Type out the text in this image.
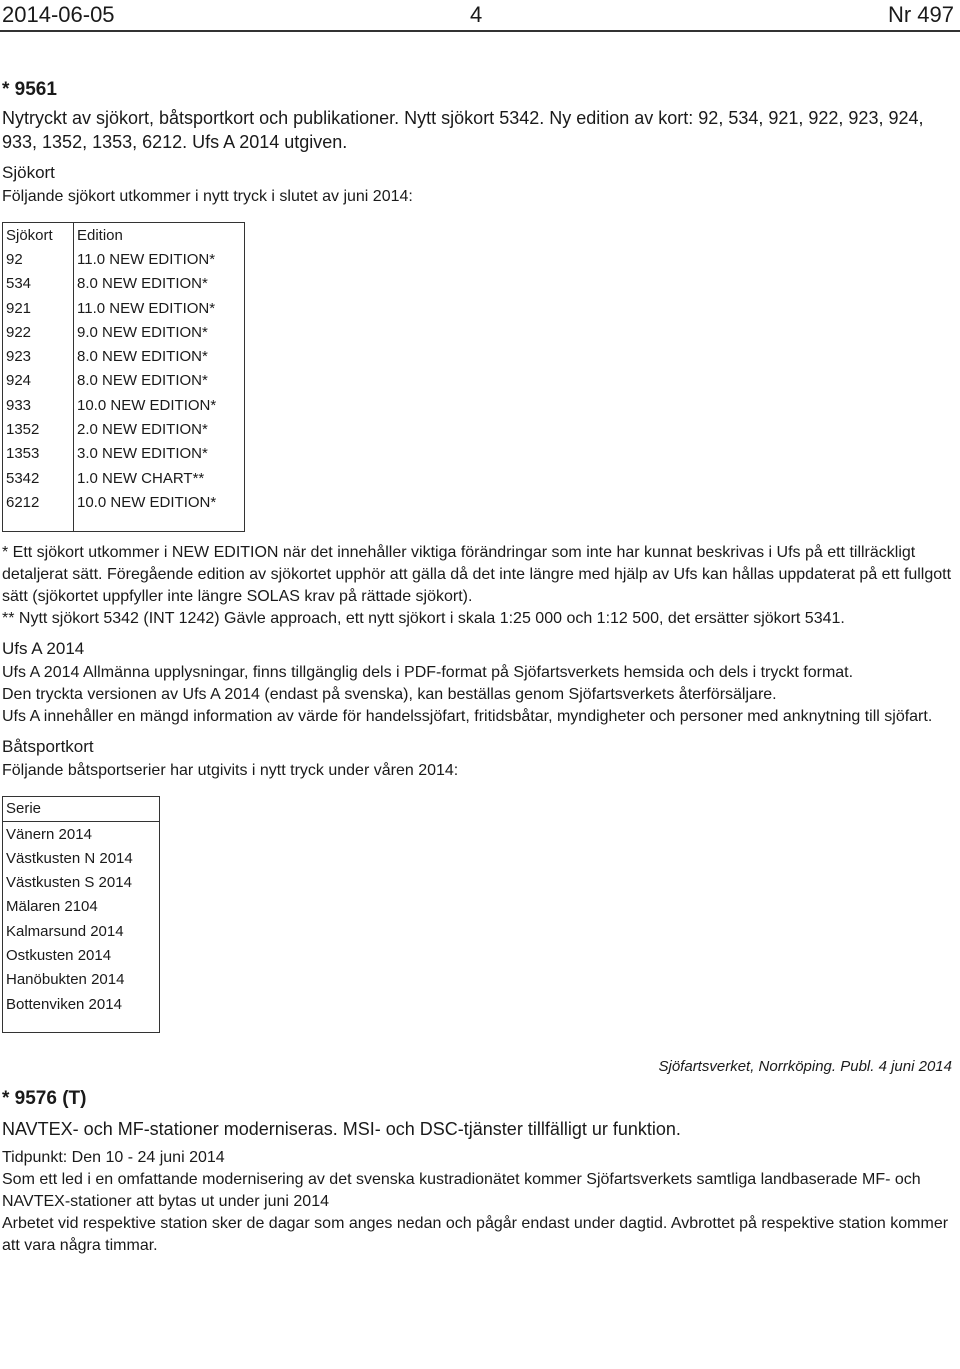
2014-06-05	4	Nr 497

* 9561

Nytryckt av sjökort, båtsportkort och publikationer. Nytt sjökort 5342. Ny edition av kort: 92, 534, 921, 922, 923, 924, 933, 1352, 1353, 6212. Ufs A 2014 utgiven.

Sjökort

Följande sjökort utkommer i nytt tryck i slutet av juni 2014:

Sjökort	Edition
92	11.0 NEW EDITION*
534	8.0 NEW EDITION*
921	11.0 NEW EDITION*
922	9.0 NEW EDITION*
923	8.0 NEW EDITION*
924	8.0 NEW EDITION*
933	10.0 NEW EDITION*
1352	2.0 NEW EDITION*
1353	3.0 NEW EDITION*
5342	1.0 NEW CHART**
6212	10.0 NEW EDITION*

* Ett sjökort utkommer i NEW EDITION när det innehåller viktiga förändringar som inte har kunnat beskrivas i Ufs på ett tillräckligt detaljerat sätt. Föregående edition av sjökortet upphör att gälla då det inte längre med hjälp av Ufs kan hållas uppdaterat på ett fullgott sätt (sjökortet uppfyller inte längre SOLAS krav på rättade sjökort).

** Nytt sjökort 5342 (INT 1242) Gävle approach, ett nytt sjökort i skala 1:25 000 och 1:12 500, det ersätter sjökort 5341.

Ufs A 2014

Ufs A 2014 Allmänna upplysningar, finns tillgänglig dels i PDF-format på Sjöfartsverkets hemsida och dels i tryckt format.

Den tryckta versionen av Ufs A 2014 (endast på svenska), kan beställas genom Sjöfartsverkets återförsäljare.

Ufs A innehåller en mängd information av värde för handelssjöfart, fritidsbåtar, myndigheter och personer med anknytning till sjöfart.

Båtsportkort

Följande båtsportserier har utgivits i nytt tryck under våren 2014:

Serie
Vänern 2014
Västkusten N 2014
Västkusten S 2014
Mälaren 2104
Kalmarsund 2014
Ostkusten 2014
Hanöbukten 2014
Bottenviken 2014

Sjöfartsverket, Norrköping. Publ. 4 juni 2014

* 9576 (T)

NAVTEX- och MF-stationer moderniseras. MSI- och DSC-tjänster tillfälligt ur funktion.

Tidpunkt: Den 10 - 24 juni 2014

Som ett led i en omfattande modernisering av det svenska kustradionätet kommer Sjöfartsverkets samtliga landbaserade MF- och NAVTEX-stationer att bytas ut under juni 2014

Arbetet vid respektive station sker de dagar som anges nedan och pågår endast under dagtid. Avbrottet på respektive station kommer att vara några timmar.
